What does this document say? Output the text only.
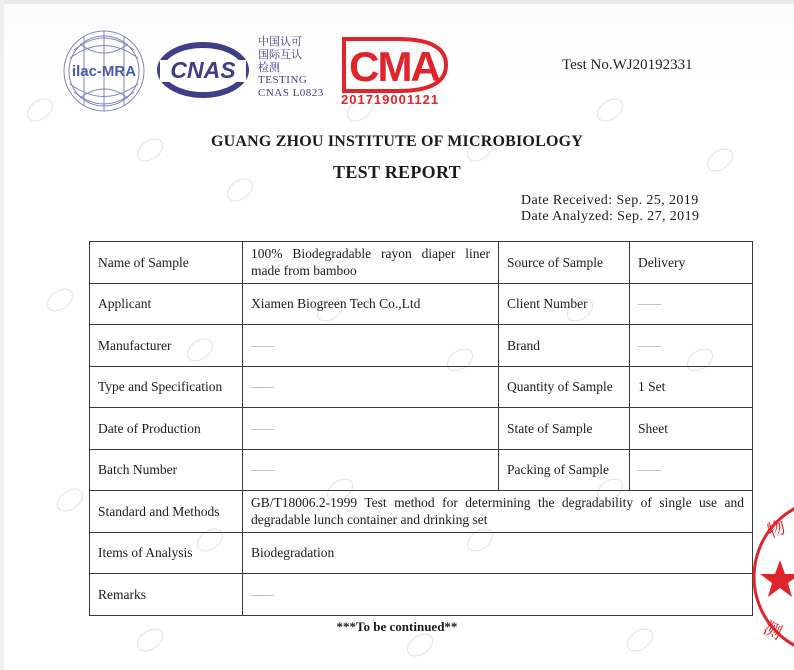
ilac-MRA CNAS
中国认可
国际互认
检测
TESTING
CNAS L0823
CMA
201719001121
Test No.WJ20192331
GUANG ZHOU INSTITUTE OF MICROBIOLOGY
TEST REPORT
Date Received: Sep. 25, 2019
Date Analyzed: Sep. 27, 2019
Name of Sample	100% Biodegradable rayon diaper liner made from bamboo	Source of Sample	Delivery
Applicant	Xiamen Biogreen Tech Co.,Ltd	Client Number	——
Manufacturer	——	Brand	——
Type and Specification	——	Quantity of Sample	1 Set
Date of Production	——	State of Sample	Sheet
Batch Number	——	Packing of Sample	——
Standard and Methods	GB/T18006.2-1999 Test method for determining the degradability of single use and degradable lunch container and drinking set		
Items of Analysis	Biodegradation		
Remarks	——		
***To be continued**
物
测
